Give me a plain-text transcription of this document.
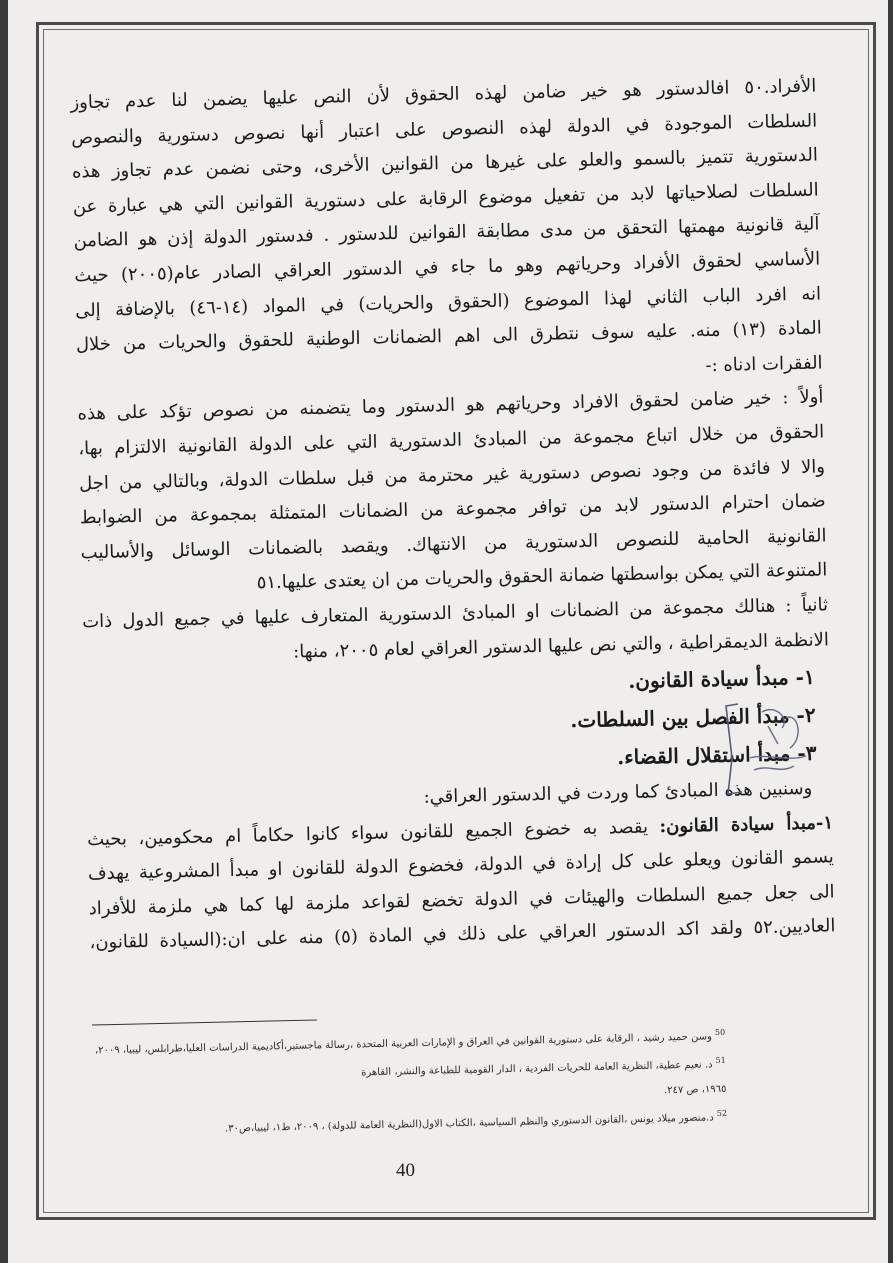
الأفراد.٥٠ افالدستور هو خير ضامن لهذه الحقوق لأن النص عليها يضمن لنا عدم تجاوز
السلطات الموجودة في الدولة لهذه النصوص على اعتبار أنها نصوص دستورية والنصوص
الدستورية تتميز بالسمو والعلو على غيرها من القوانين الأخرى، وحتى نضمن عدم تجاوز هذه
السلطات لصلاحياتها لابد من تفعيل موضوع الرقابة على دستورية القوانين التي هي عبارة عن
آلية قانونية مهمتها التحقق من مدى مطابقة القوانين للدستور . فدستور الدولة إذن هو الضامن
الأساسي لحقوق الأفراد وحرياتهم وهو ما جاء في الدستور العراقي الصادر عام(٢٠٠٥) حيث
انه افرد الباب الثاني لهذا الموضوع (الحقوق والحريات) في المواد (١٤-٤٦) بالإضافة إلى
المادة (١٣) منه. عليه سوف نتطرق الى اهم الضمانات الوطنية للحقوق والحريات من خلال
الفقرات ادناه :-
أولاً : خير ضامن لحقوق الافراد وحرياتهم هو الدستور وما يتضمنه من نصوص تؤكد على هذه
الحقوق من خلال اتباع مجموعة من المبادئ الدستورية التي على الدولة القانونية الالتزام بها،
والا لا فائدة من وجود نصوص دستورية غير محترمة من قبل سلطات الدولة، وبالتالي من اجل
ضمان احترام الدستور لابد من توافر مجموعة من الضمانات المتمثلة بمجموعة من الضوابط
القانونية الحامية للنصوص الدستورية من الانتهاك. ويقصد بالضمانات الوسائل والأساليب
المتنوعة التي يمكن بواسطتها ضمانة الحقوق والحريات من ان يعتدى عليها.٥١
ثانياً : هنالك مجموعة من الضمانات او المبادئ الدستورية المتعارف عليها في جميع الدول ذات
الانظمة الديمقراطية ، والتي نص عليها الدستور العراقي لعام ٢٠٠٥، منها:
١- مبدأ سيادة القانون.
٢- مبدأ الفصل بين السلطات.
٣- مبدأ استقلال القضاء.
وسنبين هذه المبادئ كما وردت في الدستور العراقي:
١-مبدأ سيادة القانون: يقصد به خضوع الجميع للقانون سواء كانوا حكاماً ام محكومين، بحيث
يسمو القانون ويعلو على كل إرادة في الدولة، فخضوع الدولة للقانون او مبدأ المشروعية يهدف
الى جعل جميع السلطات والهيئات في الدولة تخضع لقواعد ملزمة لها كما هي ملزمة للأفراد
العاديين.٥٢ ولقد اكد الدستور العراقي على ذلك في المادة (٥) منه على ان:(السيادة للقانون،
$^{50}$ وسن حميد رشيد ، الرقابة على دستورية القوانين في العراق و الإمارات العربية المتحدة ،رسالة ماجستير،أكاديمية الدراسات العليا،طرابلس، ليبيا، ٢٠٠٩،
$^{51}$ د. نعيم عطية، النظرية العامة للحريات الفردية ، الدار القومية للطباعة والنشر، القاهرة
١٩٦٥، ص ٢٤٧.
$^{52}$ د.منصور ميلاد يونس ،القانون الدستوري والنظم السياسية ،الكتاب الاول(النظرية العامة للدولة) ، ٢٠٠٩، ط١، ليبيا،ص٣٠.
40
